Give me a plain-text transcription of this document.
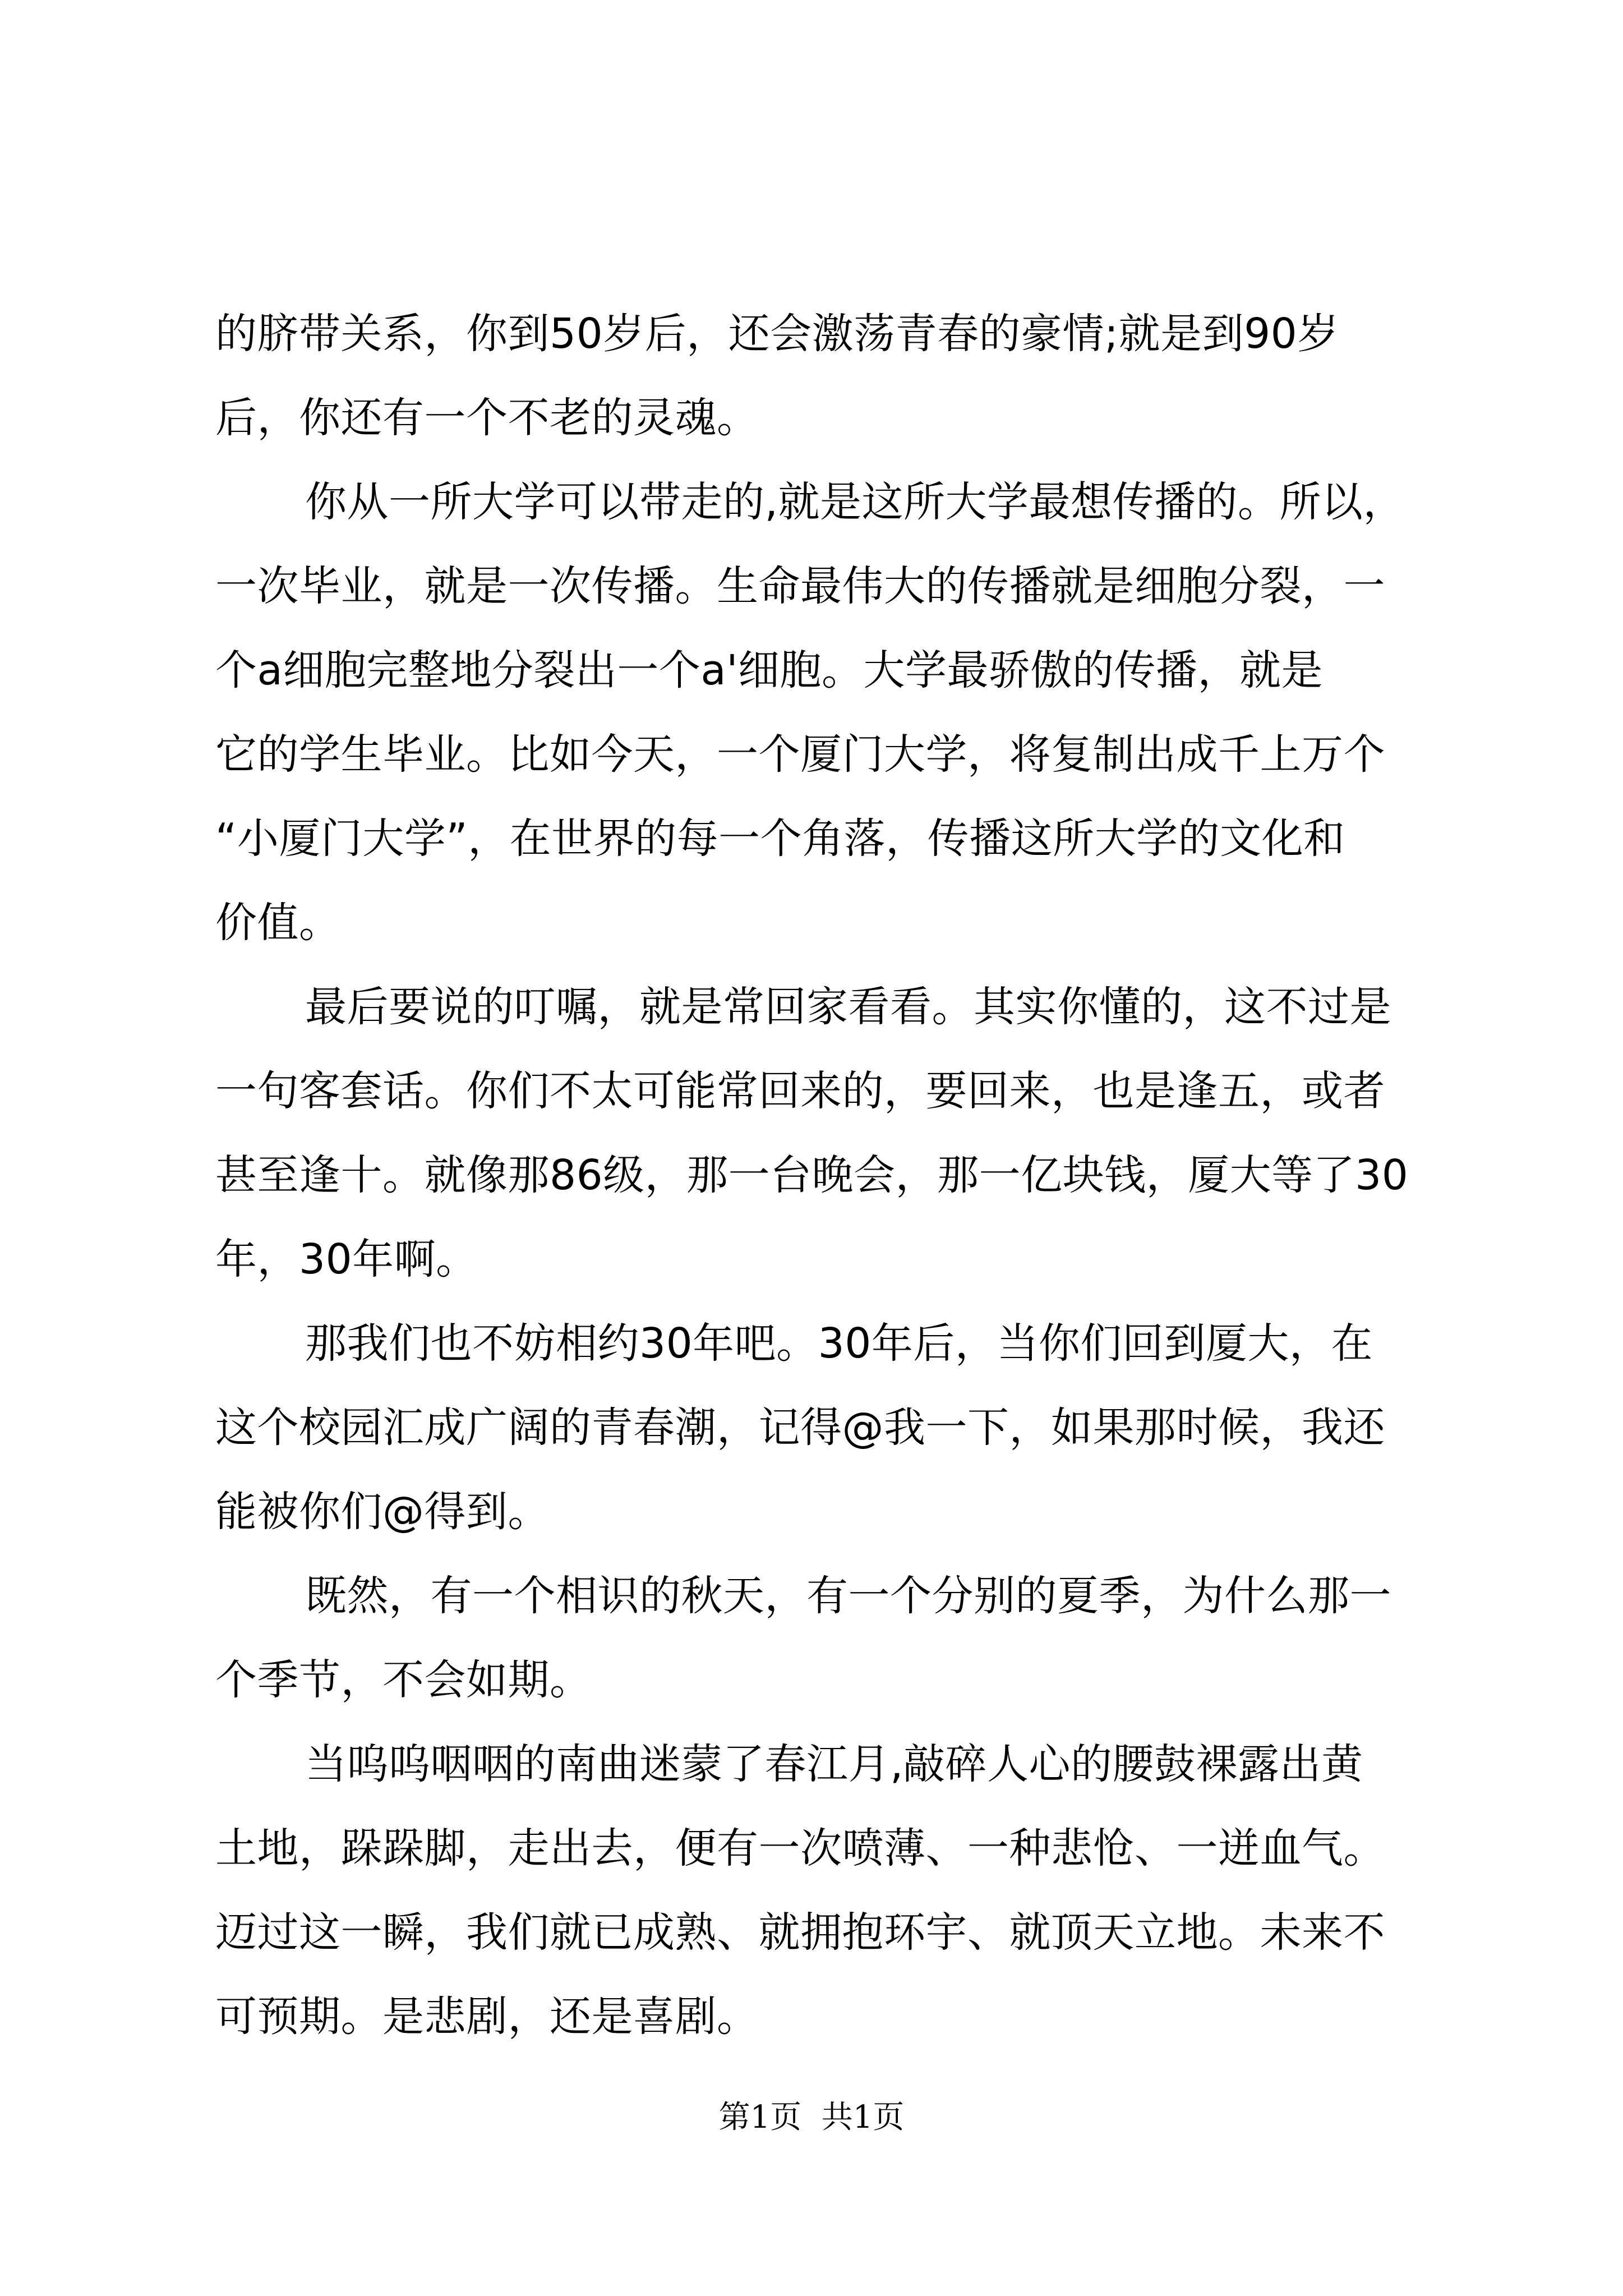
的脐带关系，你到50岁后，还会激荡青春的豪情;就是到90岁
后，你还有一个不老的灵魂。
你从一所大学可以带走的,就是这所大学最想传播的。所以，
一次毕业，就是一次传播。生命最伟大的传播就是细胞分裂，一
个a细胞完整地分裂出一个a'细胞。大学最骄傲的传播，就是
它的学生毕业。比如今天，一个厦门大学，将复制出成千上万个
“小厦门大学”，在世界的每一个角落，传播这所大学的文化和
价值。
最后要说的叮嘱，就是常回家看看。其实你懂的，这不过是
一句客套话。你们不太可能常回来的，要回来，也是逢五，或者
甚至逢十。就像那86级，那一台晚会，那一亿块钱，厦大等了30
年，30年啊。
那我们也不妨相约30年吧。30年后，当你们回到厦大，在
这个校园汇成广阔的青春潮，记得@我一下，如果那时候，我还
能被你们@得到。
既然，有一个相识的秋天，有一个分别的夏季，为什么那一
个季节，不会如期。
当呜呜咽咽的南曲迷蒙了春江月,敲碎人心的腰鼓裸露出黄
土地，跺跺脚，走出去，便有一次喷薄、一种悲怆、一迸血气。
迈过这一瞬，我们就已成熟、就拥抱环宇、就顶天立地。未来不
可预期。是悲剧，还是喜剧。
第1页  共1页
